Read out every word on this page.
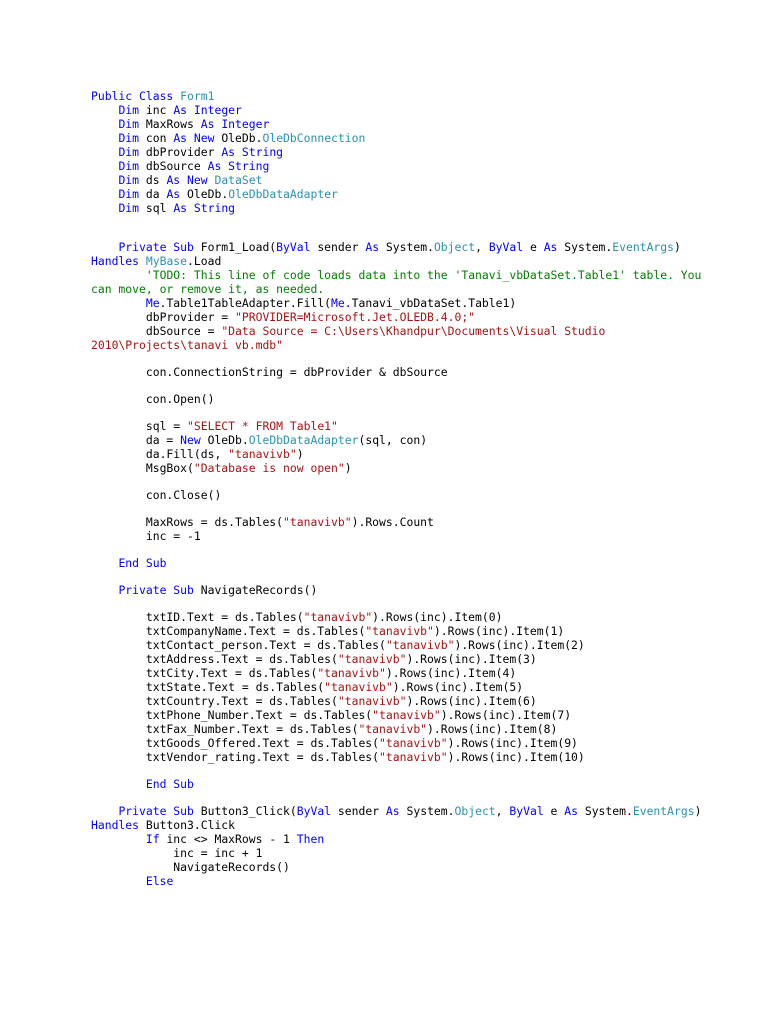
Public Class Form1
Dim inc As Integer
Dim MaxRows As Integer
Dim con As New OleDb.OleDbConnection
Dim dbProvider As String
Dim dbSource As String
Dim ds As New DataSet
Dim da As OleDb.OleDbDataAdapter
Dim sql As String
Private Sub Form1_Load(ByVal sender As System.Object, ByVal e As System.EventArgs)
Handles MyBase.Load
'TODO: This line of code loads data into the 'Tanavi_vbDataSet.Table1' table. You
can move, or remove it, as needed.
Me.Table1TableAdapter.Fill(Me.Tanavi_vbDataSet.Table1)
dbProvider = "PROVIDER=Microsoft.Jet.OLEDB.4.0;"
dbSource = "Data Source = C:\Users\Khandpur\Documents\Visual Studio
2010\Projects\tanavi vb.mdb"
con.ConnectionString = dbProvider & dbSource
con.Open()
sql = "SELECT * FROM Table1"
da = New OleDb.OleDbDataAdapter(sql, con)
da.Fill(ds, "tanavivb")
MsgBox("Database is now open")
con.Close()
MaxRows = ds.Tables("tanavivb").Rows.Count
inc = -1
End Sub
Private Sub NavigateRecords()
txtID.Text = ds.Tables("tanavivb").Rows(inc).Item(0)
txtCompanyName.Text = ds.Tables("tanavivb").Rows(inc).Item(1)
txtContact_person.Text = ds.Tables("tanavivb").Rows(inc).Item(2)
txtAddress.Text = ds.Tables("tanavivb").Rows(inc).Item(3)
txtCity.Text = ds.Tables("tanavivb").Rows(inc).Item(4)
txtState.Text = ds.Tables("tanavivb").Rows(inc).Item(5)
txtCountry.Text = ds.Tables("tanavivb").Rows(inc).Item(6)
txtPhone_Number.Text = ds.Tables("tanavivb").Rows(inc).Item(7)
txtFax_Number.Text = ds.Tables("tanavivb").Rows(inc).Item(8)
txtGoods_Offered.Text = ds.Tables("tanavivb").Rows(inc).Item(9)
txtVendor_rating.Text = ds.Tables("tanavivb").Rows(inc).Item(10)
End Sub
Private Sub Button3_Click(ByVal sender As System.Object, ByVal e As System.EventArgs)
Handles Button3.Click
If inc <> MaxRows - 1 Then
inc = inc + 1
NavigateRecords()
Else
